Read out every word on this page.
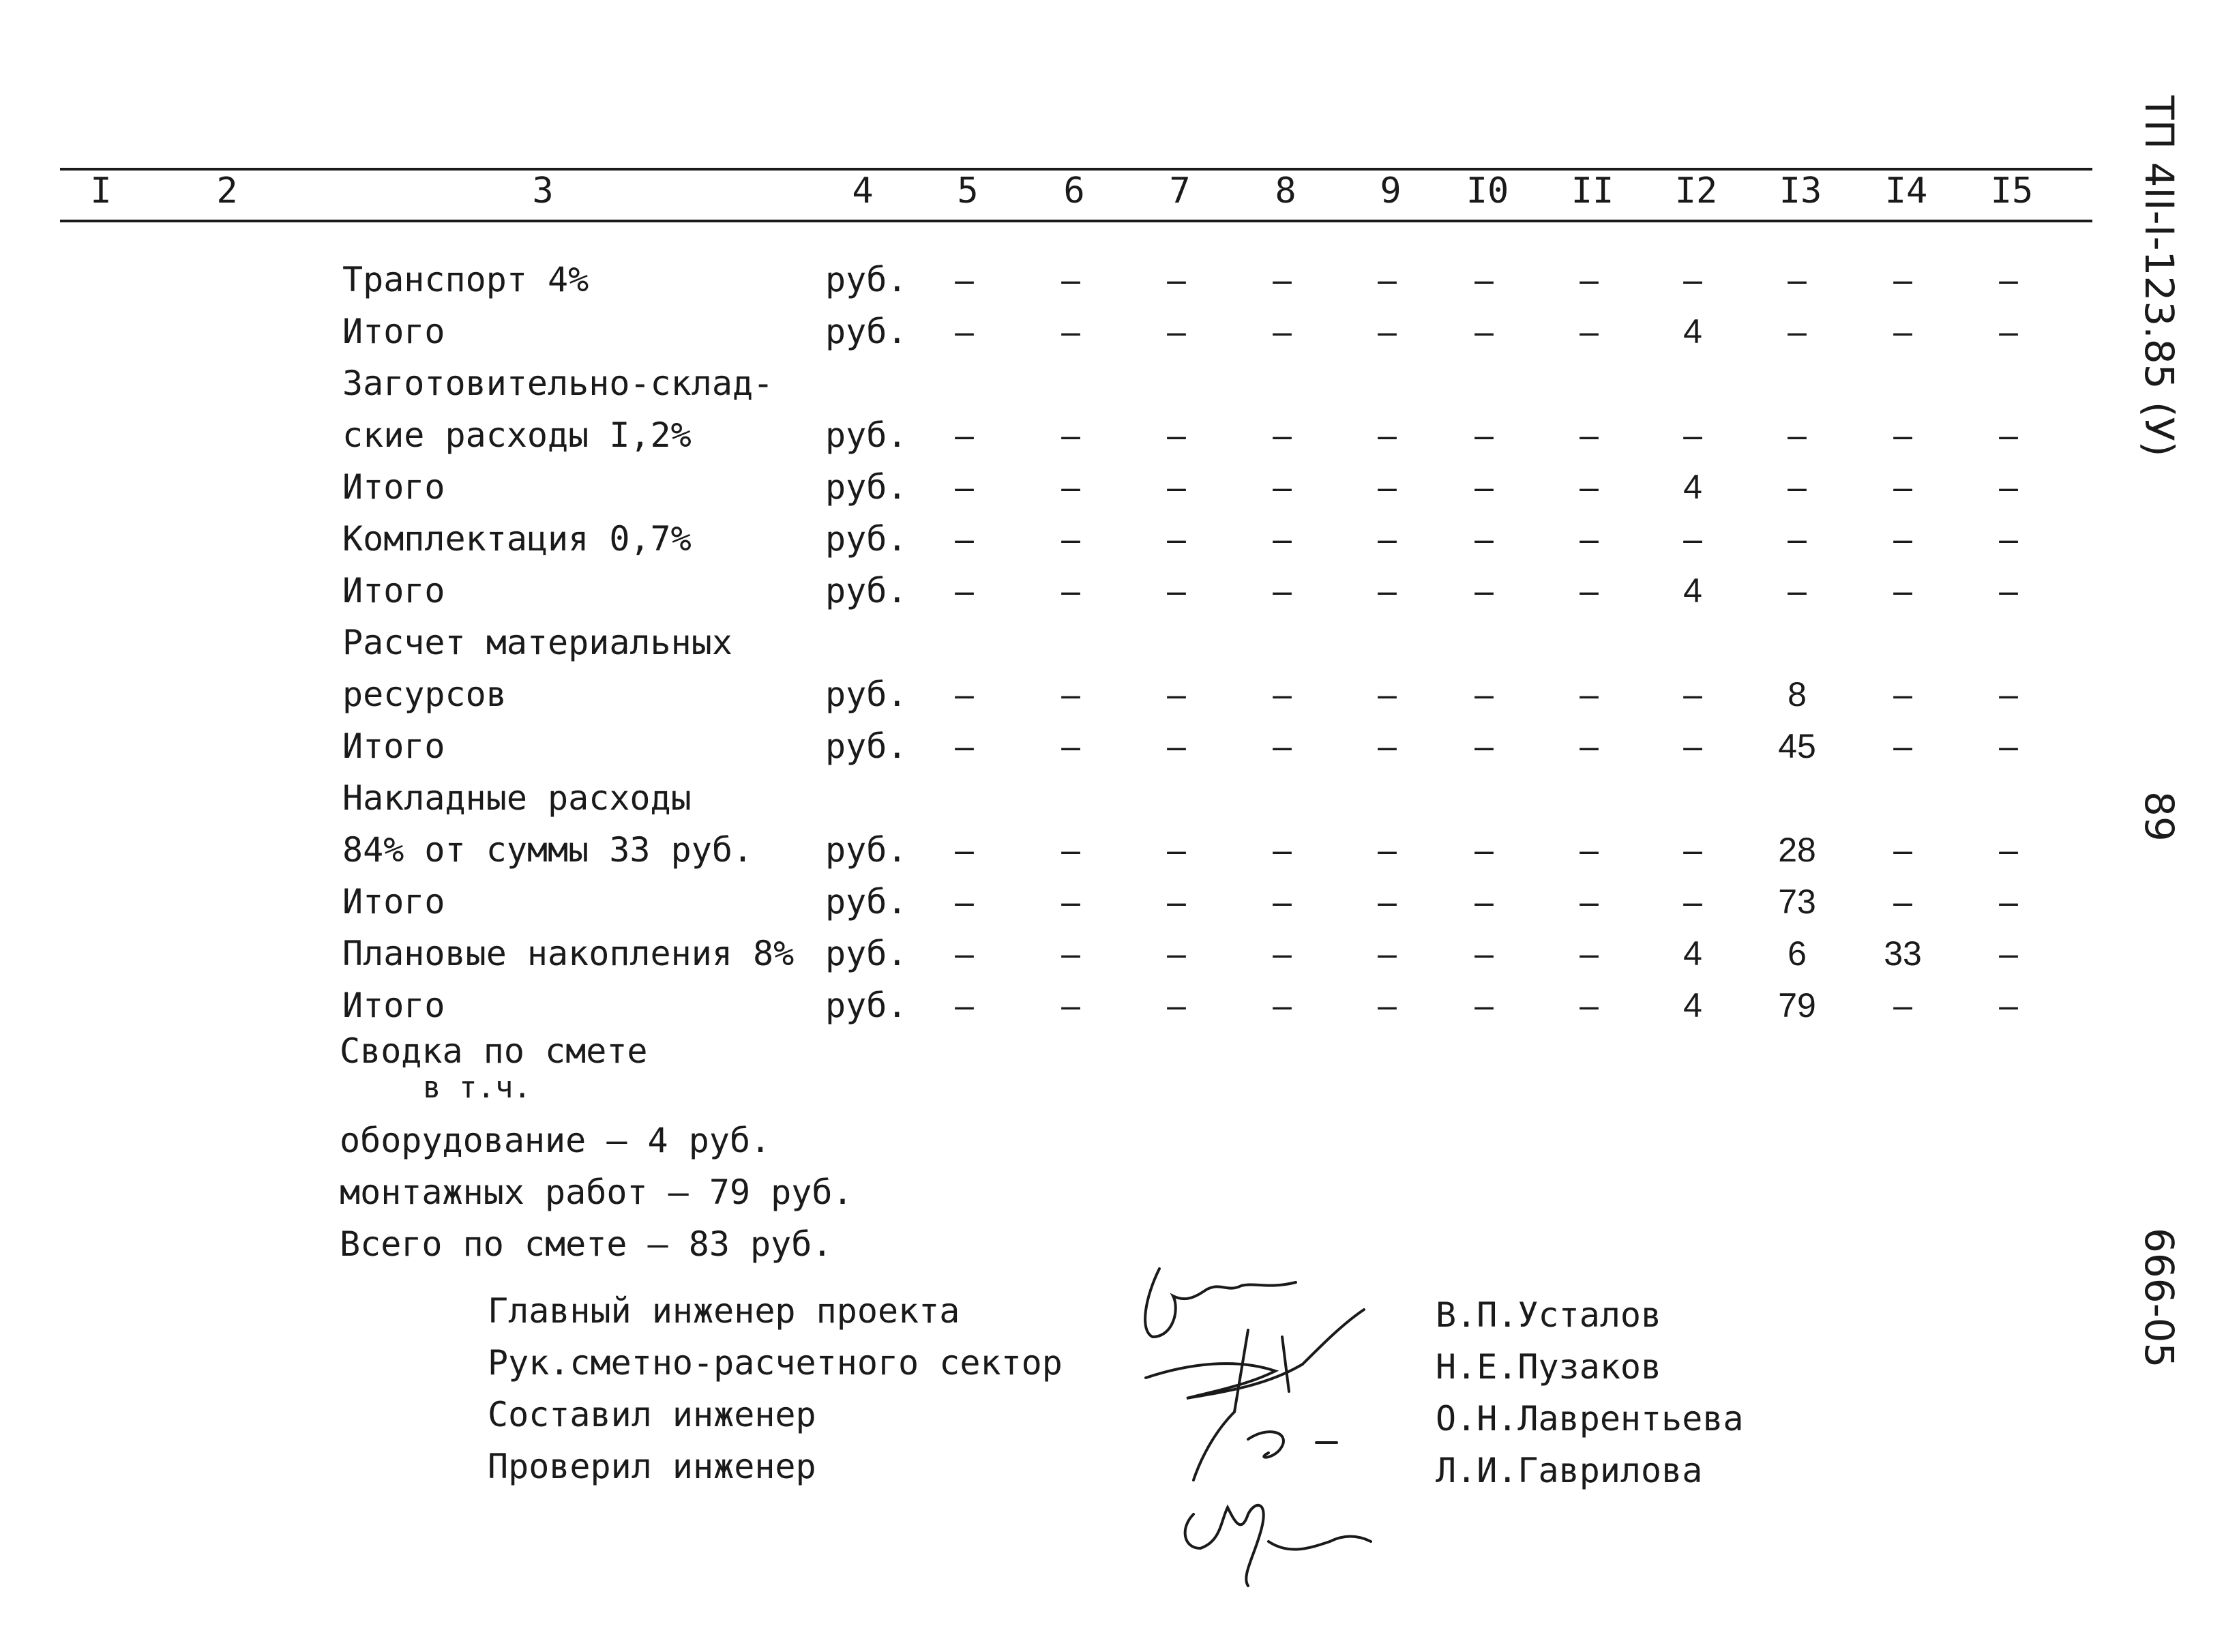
I	2	3	4	5	6	7	8	9	I0	II	I2	I3	I4	I5
Транспорт 4%	руб.	–	–	–	–	–	–	–	–	–	–	–
Итого	руб.	–	–	–	–	–	–	–	4	–	–	–
Заготовительно-склад-
ские расходы I,2%	руб.	–	–	–	–	–	–	–	–	–	–	–
Итого	руб.	–	–	–	–	–	–	–	4	–	–	–
Комплектация 0,7%	руб.	–	–	–	–	–	–	–	–	–	–	–
Итого	руб.	–	–	–	–	–	–	–	4	–	–	–
Расчет материальных
ресурсов	руб.	–	–	–	–	–	–	–	–	8	–	–
Итого	руб.	–	–	–	–	–	–	–	–	45	–	–
Накладные расходы
84% от суммы 33 руб. руб.	–	–	–	–	–	–	–	–	28	–	–
Итого	руб.	–	–	–	–	–	–	–	–	73	–	–
Плановые накопления 8% руб.	–	–	–	–	–	–	–	4	6	33	–
Итого	руб.	–	–	–	–	–	–	–	4	79	–	–
Сводка по смете
в т.ч.
оборудование – 4 руб.
монтажных работ – 79 руб.
Всего по смете – 83 руб.
Главный инженер проекта
Рук.сметно-расчетного сектор
Составил инженер
Проверил инженер
В.П.Усталов
Н.Е.Пузаков
О.Н.Лаврентьева
Л.И.Гаврилова
ТП 4II-I-123.85 (У)
89
666-05
